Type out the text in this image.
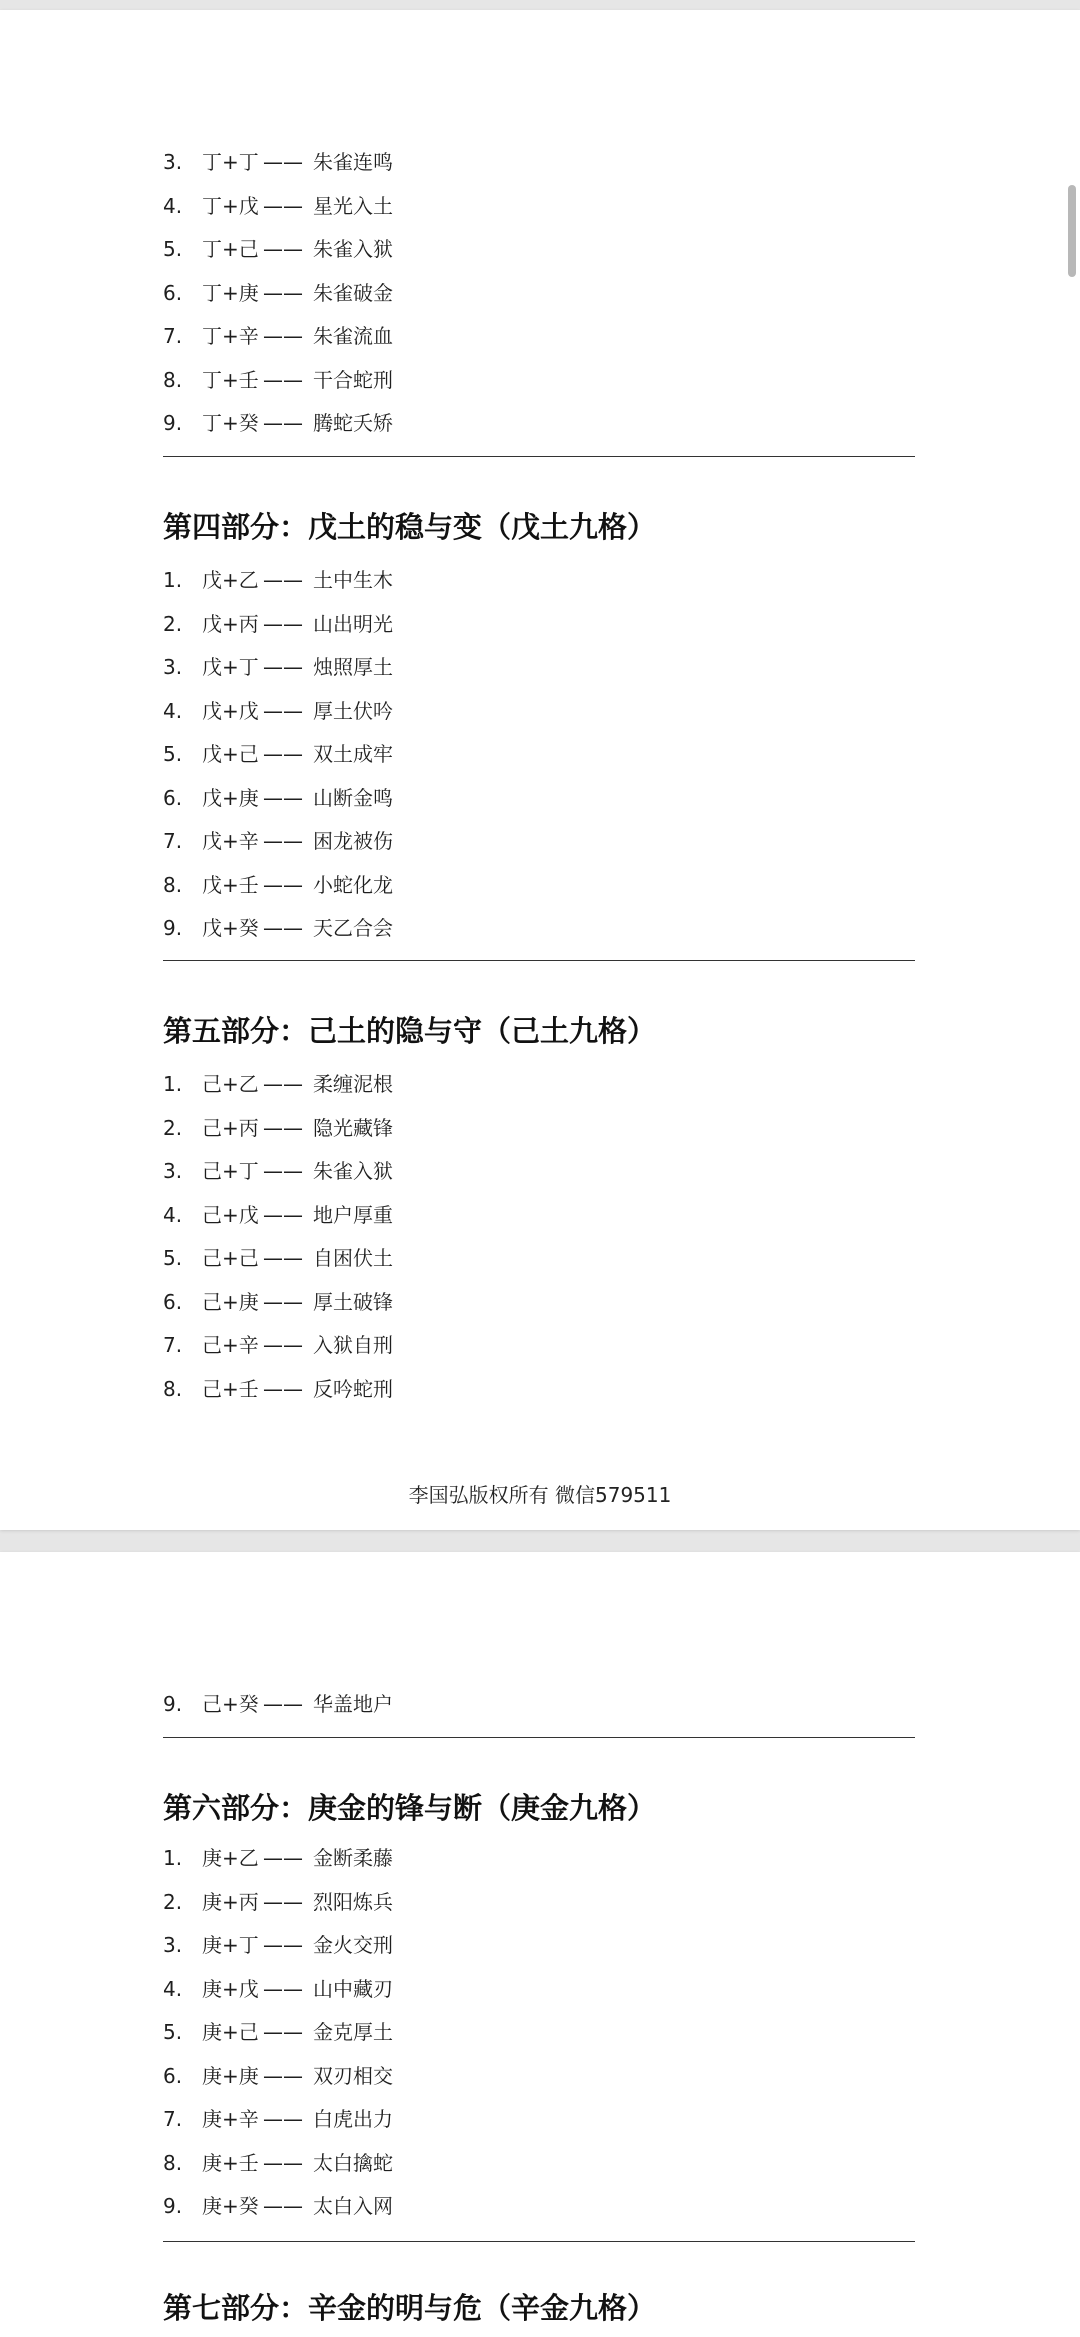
3. 丁+丁 —— 朱雀连鸣
4. 丁+戊 —— 星光入土
5. 丁+己 —— 朱雀入狱
6. 丁+庚 —— 朱雀破金
7. 丁+辛 —— 朱雀流血
8. 丁+壬 —— 干合蛇刑
9. 丁+癸 —— 腾蛇夭矫
第四部分：戊土的稳与变（戊土九格）
1. 戊+乙 —— 土中生木
2. 戊+丙 —— 山出明光
3. 戊+丁 —— 烛照厚土
4. 戊+戊 —— 厚土伏吟
5. 戊+己 —— 双土成牢
6. 戊+庚 —— 山断金鸣
7. 戊+辛 —— 困龙被伤
8. 戊+壬 —— 小蛇化龙
9. 戊+癸 —— 天乙合会
第五部分：己土的隐与守（己土九格）
1. 己+乙 —— 柔缠泥根
2. 己+丙 —— 隐光藏锋
3. 己+丁 —— 朱雀入狱
4. 己+戊 —— 地户厚重
5. 己+己 —— 自困伏土
6. 己+庚 —— 厚土破锋
7. 己+辛 —— 入狱自刑
8. 己+壬 —— 反吟蛇刑
李国弘版权所有 微信579511
9. 己+癸 —— 华盖地户
第六部分：庚金的锋与断（庚金九格）
1. 庚+乙 —— 金断柔藤
2. 庚+丙 —— 烈阳炼兵
3. 庚+丁 —— 金火交刑
4. 庚+戊 —— 山中藏刃
5. 庚+己 —— 金克厚土
6. 庚+庚 —— 双刃相交
7. 庚+辛 —— 白虎出力
8. 庚+壬 —— 太白擒蛇
9. 庚+癸 —— 太白入网
第七部分：辛金的明与危（辛金九格）
